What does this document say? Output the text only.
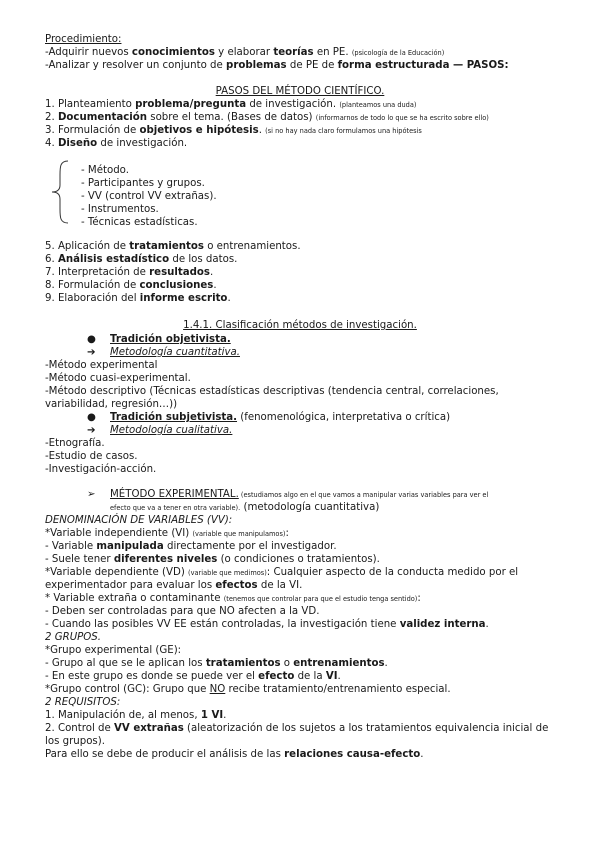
Procedimiento:
-Adquirir nuevos conocimientos y elaborar teorías en PE. (psicología de la Educación)
-Analizar y resolver un conjunto de problemas de PE de forma estructurada — PASOS:
PASOS DEL MÉTODO CIENTÍFICO.
1. Planteamiento problema/pregunta de investigación. (planteamos una duda)
2. Documentación sobre el tema. (Bases de datos) (informarnos de todo lo que se ha escrito sobre ello)
3. Formulación de objetivos e hipótesis. (si no hay nada claro formulamos una hipótesis
4. Diseño de investigación.
- Método.
- Participantes y grupos.
- VV (control VV extrañas).
- Instrumentos.
- Técnicas estadísticas.
5. Aplicación de tratamientos o entrenamientos.
6. Análisis estadístico de los datos.
7. Interpretación de resultados.
8. Formulación de conclusiones.
9. Elaboración del informe escrito.
1.4.1. Clasificación métodos de investigación.
● Tradición objetivista.
➔ Metodología cuantitativa.
-Método experimental
-Método cuasi-experimental.
-Método descriptivo (Técnicas estadísticas descriptivas (tendencia central, correlaciones,
variabilidad, regresión…))
● Tradición subjetivista. (fenomenológica, interpretativa o crítica)
➔ Metodología cualitativa.
-Etnografía.
-Estudio de casos.
-Investigación-acción.
➢ MÉTODO EXPERIMENTAL. (estudiamos algo en el que vamos a manipular varias variables para ver el
efecto que va a tener en otra variable). (metodología cuantitativa)
DENOMINACIÓN DE VARIABLES (VV):
*Variable independiente (VI) (variable que manipulamos):
- Variable manipulada directamente por el investigador.
- Suele tener diferentes niveles (o condiciones o tratamientos).
*Variable dependiente (VD) (variable que medimos): Cualquier aspecto de la conducta medido por el
experimentador para evaluar los efectos de la VI.
* Variable extraña o contaminante (tenemos que controlar para que el estudio tenga sentido):
- Deben ser controladas para que NO afecten a la VD.
- Cuando las posibles VV EE están controladas, la investigación tiene validez interna.
2 GRUPOS.
*Grupo experimental (GE):
- Grupo al que se le aplican los tratamientos o entrenamientos.
- En este grupo es donde se puede ver el efecto de la VI.
*Grupo control (GC): Grupo que NO recibe tratamiento/entrenamiento especial.
2 REQUISITOS:
1. Manipulación de, al menos, 1 VI.
2. Control de VV extrañas (aleatorización de los sujetos a los tratamientos equivalencia inicial de
los grupos).
Para ello se debe de producir el análisis de las relaciones causa-efecto.
